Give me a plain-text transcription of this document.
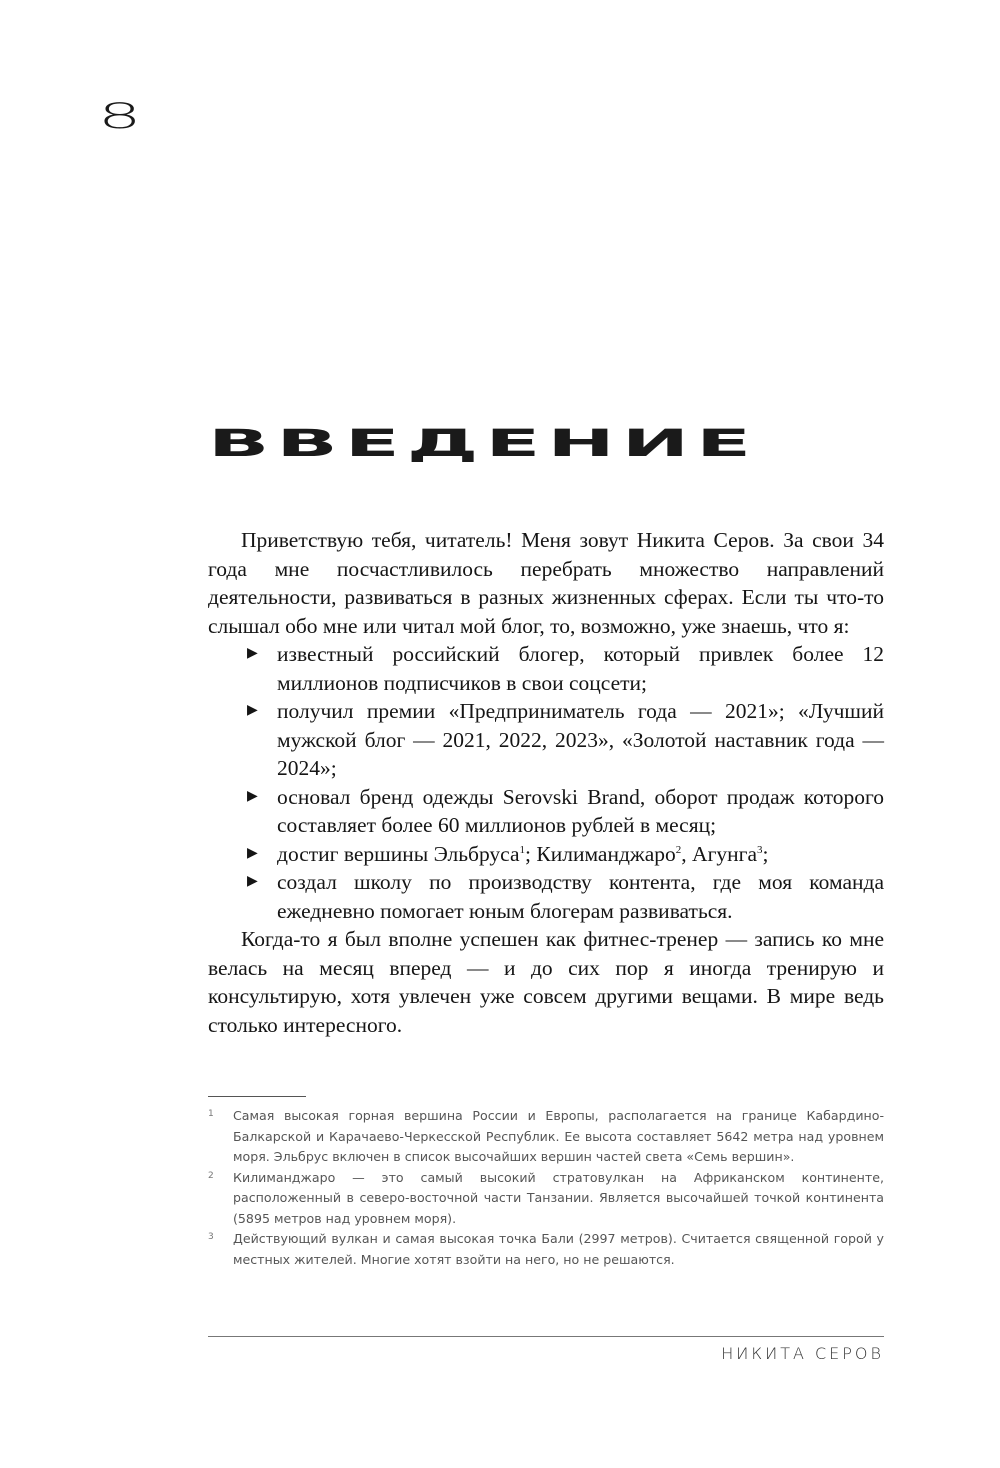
8
ВВЕДЕНИЕ

Приветствую тебя, читатель! Меня зовут Никита Серов. За свои 34 года мне посчастливилось перебрать множество направлений деятельности, развиваться в разных жизненных сферах. Если ты что-то слышал обо мне или читал мой блог, то, возможно, уже знаешь, что я:

▶ известный российский блогер, который привлек более 12 миллионов подписчиков в свои соцсети;
▶ получил премии «Предприниматель года — 2021»; «Лучший мужской блог — 2021, 2022, 2023», «Золотой наставник года — 2024»;
▶ основал бренд одежды Serovski Brand, оборот продаж которого составляет более 60 миллионов рублей в месяц;
▶ достиг вершины Эльбруса$^1$; Килиманджаро$^2$, Агунга$^3$;
▶ создал школу по производству контента, где моя команда ежедневно помогает юным блогерам развиваться.

Когда-то я был вполне успешен как фитнес-тренер — запись ко мне велась на месяц вперед — и до сих пор я иногда тренирую и консультирую, хотя увлечен уже совсем другими вещами. В мире ведь столько интересного.

1 Самая высокая горная вершина России и Европы, располагается на границе Кабардино-Балкарской и Карачаево-Черкесской Республик. Ее высота составляет 5642 метра над уровнем моря. Эльбрус включен в список высочайших вершин частей света «Семь вершин».
2 Килиманджаро — это самый высокий стратовулкан на Африканском континенте, расположенный в северо-восточной части Танзании. Является высочайшей точкой континента (5895 метров над уровнем моря).
3 Действующий вулкан и самая высокая точка Бали (2997 метров). Считается священной горой у местных жителей. Многие хотят взойти на него, но не решаются.
НИКИТА СЕРОВ
